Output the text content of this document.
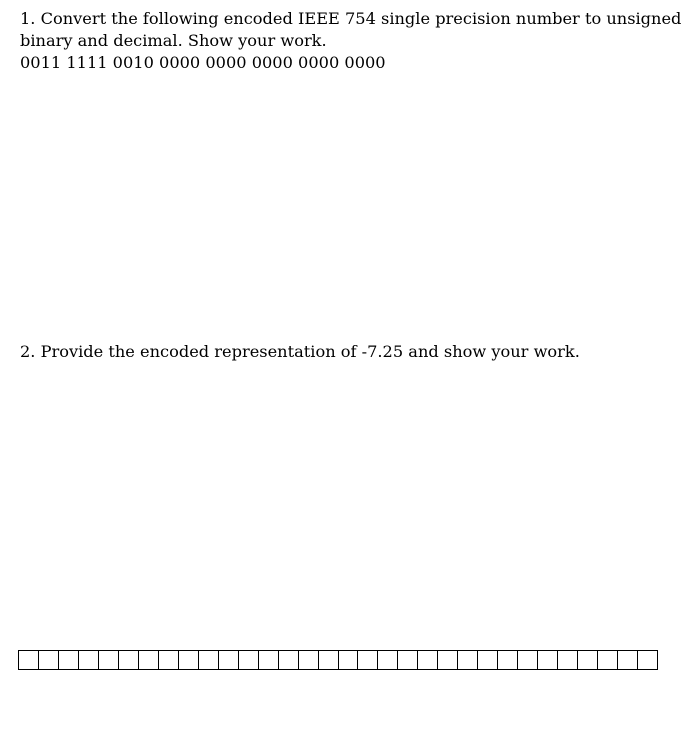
1. Convert the following encoded IEEE 754 single precision number to unsigned
binary and decimal. Show your work.
0011 1111 0010 0000 0000 0000 0000 0000
2. Provide the encoded representation of -7.25 and show your work.
